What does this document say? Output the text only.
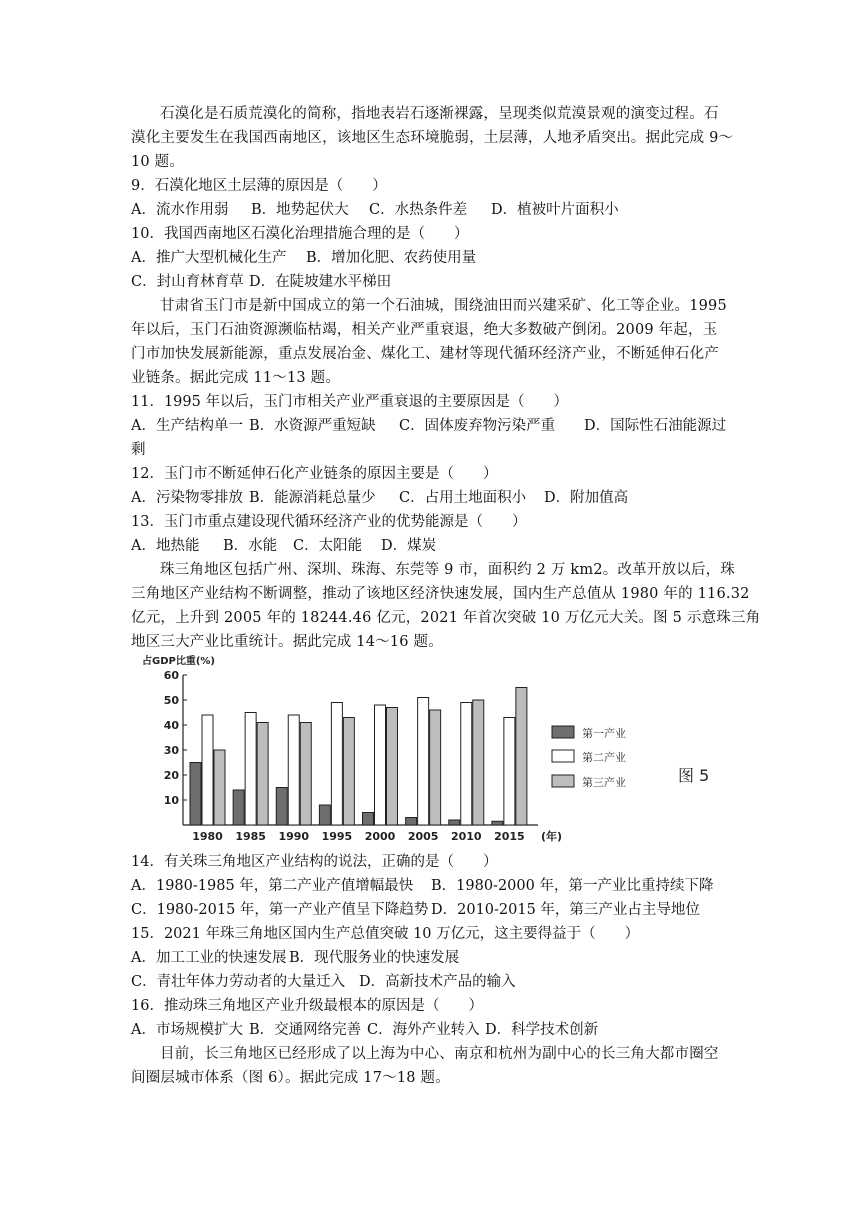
石漠化是石质荒漠化的简称，指地表岩石逐渐裸露，呈现类似荒漠景观的演变过程。石
漠化主要发生在我国西南地区，该地区生态环境脆弱，土层薄，人地矛盾突出。据此完成 9～
10 题。
9．石漠化地区土层薄的原因是（　　）
A．流水作用弱 B．地势起伏大 C．水热条件差 D．植被叶片面积小
10．我国西南地区石漠化治理措施合理的是（　　）
A．推广大型机械化生产 B．增加化肥、农药使用量
C．封山育林育草 D．在陡坡建水平梯田
甘肃省玉门市是新中国成立的第一个石油城，围绕油田而兴建采矿、化工等企业。1995
年以后，玉门石油资源濒临枯竭，相关产业严重衰退，绝大多数破产倒闭。2009 年起，玉
门市加快发展新能源，重点发展冶金、煤化工、建材等现代循环经济产业，不断延伸石化产
业链条。据此完成 11～13 题。
11．1995 年以后，玉门市相关产业严重衰退的主要原因是（　　）
A．生产结构单一 B．水资源严重短缺 C．固体废弃物污染严重 D．国际性石油能源过
剩
12．玉门市不断延伸石化产业链条的原因主要是（　　）
A．污染物零排放 B．能源消耗总量少 C．占用土地面积小 D．附加值高
13．玉门市重点建设现代循环经济产业的优势能源是（　　）
A．地热能 B．水能 C．太阳能 D．煤炭
珠三角地区包括广州、深圳、珠海、东莞等 9 市，面积约 2 万 km2。改革开放以后，珠
三角地区产业结构不断调整，推动了该地区经济快速发展，国内生产总值从 1980 年的 116.32
亿元，上升到 2005 年的 18244.46 亿元，2021 年首次突破 10 万亿元大关。图 5 示意珠三角
地区三大产业比重统计。据此完成 14～16 题。
占GDP比重(%)
10
20
30
40
50
60
1980 1985 1990 1995 2000 2005 2010 2015 (年)
第一产业
第二产业
第三产业	图 5
14．有关珠三角地区产业结构的说法，正确的是（　　）
A．1980-1985 年，第二产业产值增幅最快 B．1980-2000 年，第一产业比重持续下降
C．1980-2015 年，第一产业产值呈下降趋势 D．2010-2015 年，第三产业占主导地位
15．2021 年珠三角地区国内生产总值突破 10 万亿元，这主要得益于（　　）
A．加工工业的快速发展 B．现代服务业的快速发展
C．青壮年体力劳动者的大量迁入 D．高新技术产品的输入
16．推动珠三角地区产业升级最根本的原因是（　　）
A．市场规模扩大 B．交通网络完善 C．海外产业转入 D．科学技术创新
目前，长三角地区已经形成了以上海为中心、南京和杭州为副中心的长三角大都市圈空
间圈层城市体系（图 6）。据此完成 17～18 题。
